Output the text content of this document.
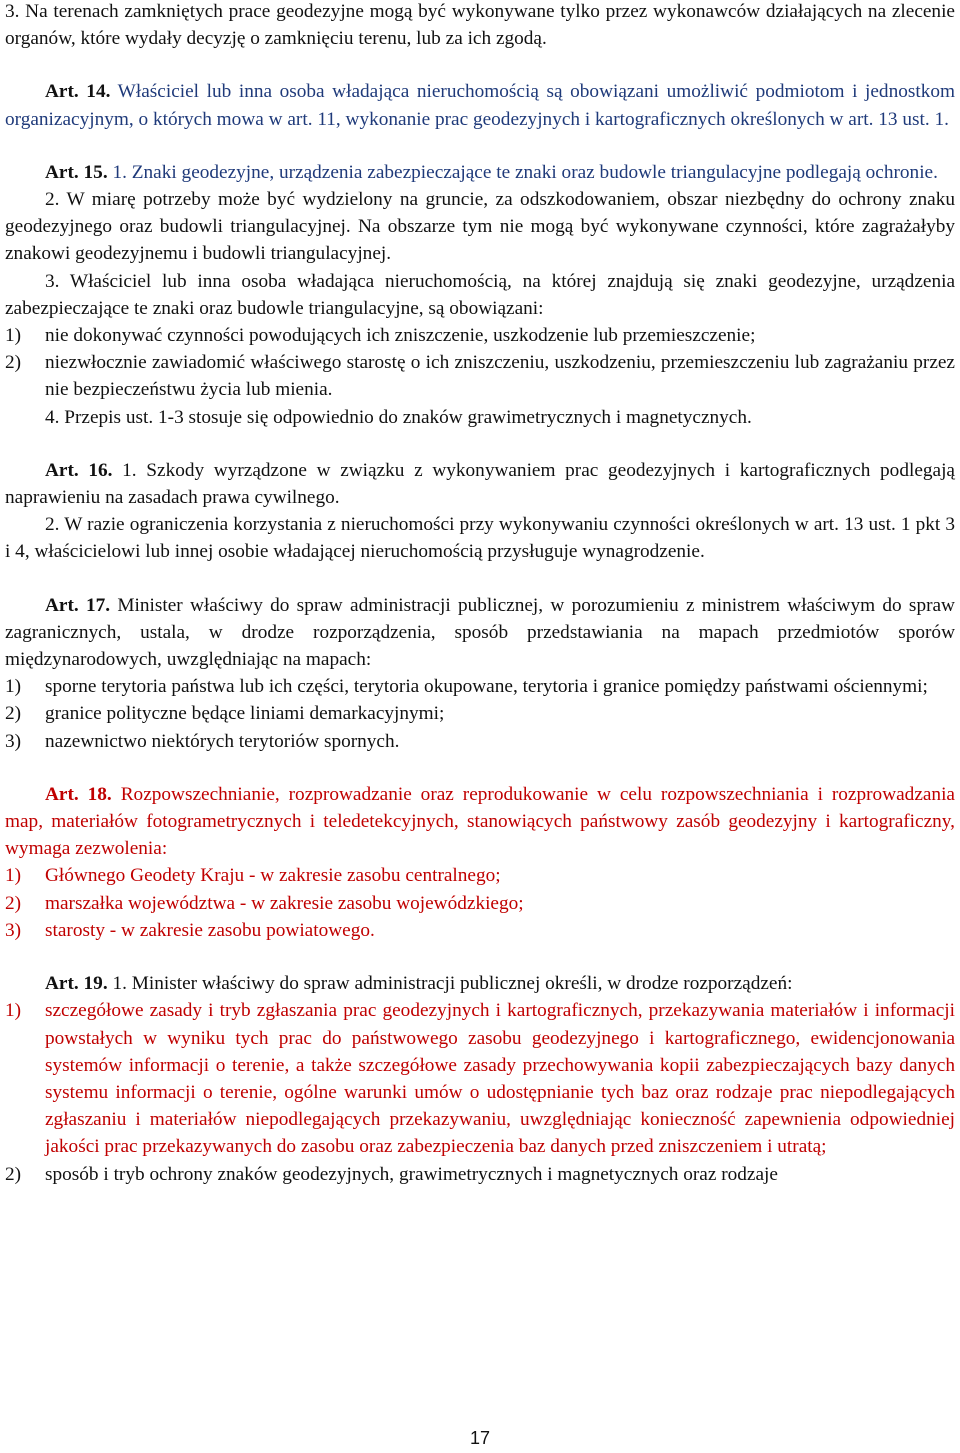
3. Na terenach zamkniętych prace geodezyjne mogą być wykonywane tylko przez wykonawców działających na zlecenie organów, które wydały decyzję o zamknięciu terenu, lub za ich zgodą.

Art. 14. Właściciel lub inna osoba władająca nieruchomością są obowiązani umożliwić podmiotom i jednostkom organizacyjnym, o których mowa w art. 11, wykonanie prac geodezyjnych i kartograficznych określonych w art. 13 ust. 1.

Art. 15. 1. Znaki geodezyjne, urządzenia zabezpieczające te znaki oraz budowle triangulacyjne podlegają ochronie.

2. W miarę potrzeby może być wydzielony na gruncie, za odszkodowaniem, obszar niezbędny do ochrony znaku geodezyjnego oraz budowli triangulacyjnej. Na obszarze tym nie mogą być wykonywane czynności, które zagrażałyby znakowi geodezyjnemu i budowli triangulacyjnej.

3. Właściciel lub inna osoba władająca nieruchomością, na której znajdują się znaki geodezyjne, urządzenia zabezpieczające te znaki oraz budowle triangulacyjne, są obowiązani:

1)	nie dokonywać czynności powodujących ich zniszczenie, uszkodzenie lub przemieszczenie;
2)	niezwłocznie zawiadomić właściwego starostę o ich zniszczeniu, uszkodzeniu, przemieszczeniu lub zagrażaniu przez nie bezpieczeństwu życia lub mienia.

4. Przepis ust. 1-3 stosuje się odpowiednio do znaków grawimetrycznych i magnetycznych.

Art. 16. 1. Szkody wyrządzone w związku z wykonywaniem prac geodezyjnych i kartograficznych podlegają naprawieniu na zasadach prawa cywilnego.

2. W razie ograniczenia korzystania z nieruchomości przy wykonywaniu czynności określonych w art. 13 ust. 1 pkt 3 i 4, właścicielowi lub innej osobie władającej nieruchomością przysługuje wynagrodzenie.

Art. 17. Minister właściwy do spraw administracji publicznej, w porozumieniu z ministrem właściwym do spraw zagranicznych, ustala, w drodze rozporządzenia, sposób przedstawiania na mapach przedmiotów sporów międzynarodowych, uwzględniając na mapach:

1)	sporne terytoria państwa lub ich części, terytoria okupowane, terytoria i granice pomiędzy państwami ościennymi;
2)	granice polityczne będące liniami demarkacyjnymi;
3)	nazewnictwo niektórych terytoriów spornych.

Art. 18. Rozpowszechnianie, rozprowadzanie oraz reprodukowanie w celu rozpowszechniania i rozprowadzania map, materiałów fotogrametrycznych i teledetekcyjnych, stanowiących państwowy zasób geodezyjny i kartograficzny, wymaga zezwolenia:

1)	Głównego Geodety Kraju - w zakresie zasobu centralnego;
2)	marszałka województwa - w zakresie zasobu wojewódzkiego;
3)	starosty - w zakresie zasobu powiatowego.

Art. 19. 1. Minister właściwy do spraw administracji publicznej określi, w drodze rozporządzeń:

1)	szczegółowe zasady i tryb zgłaszania prac geodezyjnych i kartograficznych, przekazywania materiałów i informacji powstałych w wyniku tych prac do państwowego zasobu geodezyjnego i kartograficznego, ewidencjonowania systemów informacji o terenie, a także szczegółowe zasady przechowywania kopii zabezpieczających bazy danych systemu informacji o terenie, ogólne warunki umów o udostępnianie tych baz oraz rodzaje prac niepodlegających zgłaszaniu i materiałów niepodlegających przekazywaniu, uwzględniając konieczność zapewnienia odpowiedniej jakości prac przekazywanych do zasobu oraz zabezpieczenia baz danych przed zniszczeniem i utratą;
2)	sposób i tryb ochrony znaków geodezyjnych, grawimetrycznych i magnetycznych oraz rodzaje
17
